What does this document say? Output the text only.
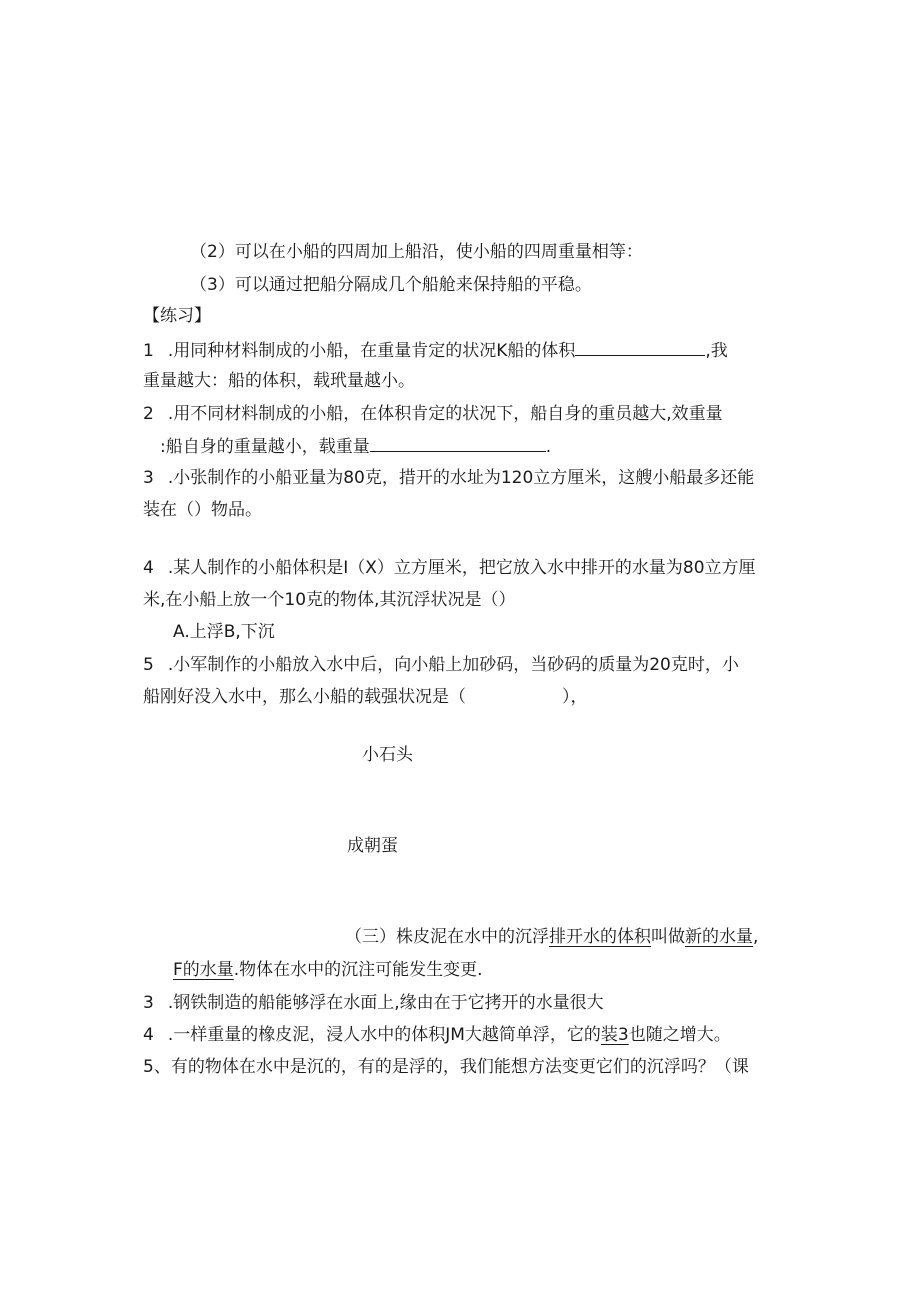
（2）可以在小船的四周加上船沿，使小船的四周重量相等：
（3）可以通过把船分隔成几个船舱来保持船的平稳。
【练习】
1 .用同种材料制成的小船，在重量肯定的状况K船的体积	,我
重量越大：船的体积，载玳量越小。
2 .用不同材料制成的小船，在体积肯定的状况下，船自身的重员越大,效重量
:船自身的重量越小，载重量	.
3 .小张制作的小船亚量为80克，措开的水址为120立方厘米，这艘小船最多还能
装在（）物品。
4 .某人制作的小船体积是I（X）立方厘米，把它放入水中排开的水量为80立方厘
米,在小船上放一个10克的物体,其沉浮状况是（）
A.上浮B,下沉
5 .小军制作的小船放入水中后，向小船上加砂码，当砂码的质量为20克时，小
船刚好没入水中，那么小船的载强状况是（	），
小石头
成朝蛋
（三）株皮泥在水中的沉浮排开水的体积叫做新的水量,
F的水量.物体在水中的沉注可能发生变更.
3 .钢铁制造的船能够浮在水面上,缘由在于它拷开的水量很大
4 .一样重量的橡皮泥，浸人水中的体积JM大越简单浮，它的装3也随之增大。
5、有的物体在水中是沉的，有的是浮的，我们能想方法变更它们的沉浮吗？（课
